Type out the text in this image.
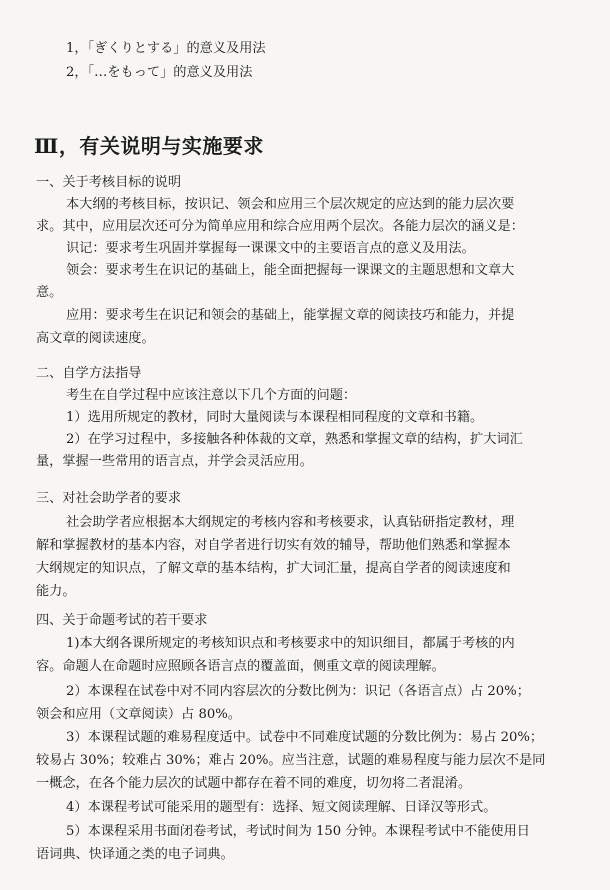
1，「ぎくりとする」的意义及用法
2，「…をもって」的意义及用法
Ⅲ，有关说明与实施要求
一、关于考核目标的说明
本大纲的考核目标，按识记、领会和应用三个层次规定的应达到的能力层次要
求。其中，应用层次还可分为简单应用和综合应用两个层次。各能力层次的涵义是：
识记：要求考生巩固并掌握每一课课文中的主要语言点的意义及用法。
领会：要求考生在识记的基础上，能全面把握每一课课文的主题思想和文章大
意。
应用：要求考生在识记和领会的基础上，能掌握文章的阅读技巧和能力，并提
高文章的阅读速度。
二、自学方法指导
考生在自学过程中应该注意以下几个方面的问题：
1）选用所规定的教材，同时大量阅读与本课程相同程度的文章和书籍。
2）在学习过程中，多接触各种体裁的文章，熟悉和掌握文章的结构，扩大词汇
量，掌握一些常用的语言点，并学会灵活应用。
三、对社会助学者的要求
社会助学者应根据本大纲规定的考核内容和考核要求，认真钻研指定教材，理
解和掌握教材的基本内容，对自学者进行切实有效的辅导，帮助他们熟悉和掌握本
大纲规定的知识点，了解文章的基本结构，扩大词汇量，提高自学者的阅读速度和
能力。
四、关于命题考试的若干要求
1)本大纲各课所规定的考核知识点和考核要求中的知识细目，都属于考核的内
容。命题人在命题时应照顾各语言点的覆盖面，侧重文章的阅读理解。
2）本课程在试卷中对不同内容层次的分数比例为：识记（各语言点）占 20%；
领会和应用（文章阅读）占 80%。
3）本课程试题的难易程度适中。试卷中不同难度试题的分数比例为：易占 20%；
较易占 30%；较难占 30%；难占 20%。应当注意，试题的难易程度与能力层次不是同
一概念，在各个能力层次的试题中都存在着不同的难度，切勿将二者混淆。
4）本课程考试可能采用的题型有：选择、短文阅读理解、日译汉等形式。
5）本课程采用书面闭卷考试，考试时间为 150 分钟。本课程考试中不能使用日
语词典、快译通之类的电子词典。
